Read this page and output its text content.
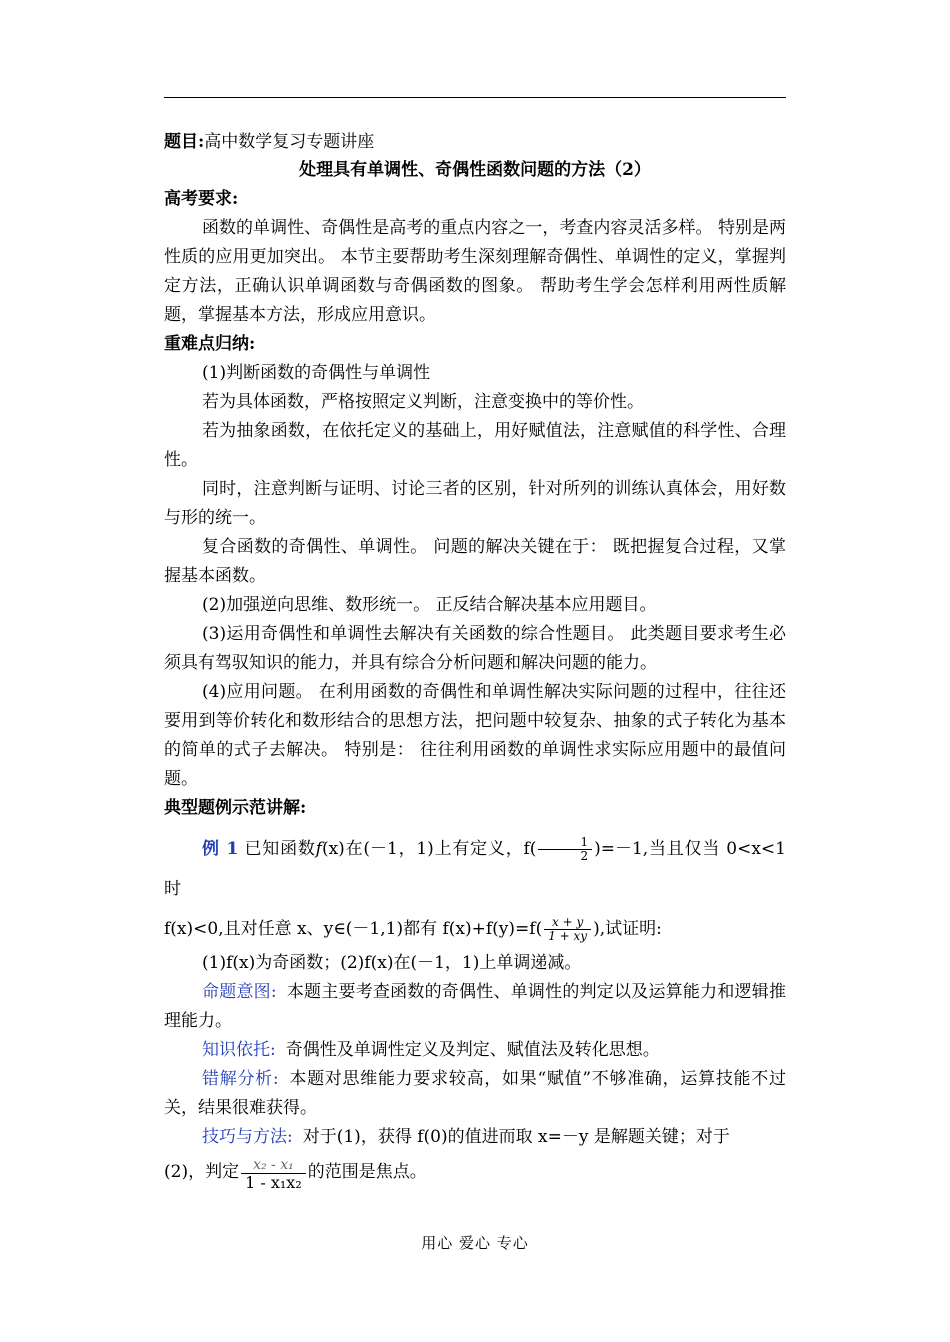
题目:高中数学复习专题讲座

处理具有单调性、奇偶性函数问题的方法（2）

高考要求:

函数的单调性、奇偶性是高考的重点内容之一，考查内容灵活多样。 特别是两性质的应用更加突出。 本节主要帮助考生深刻理解奇偶性、单调性的定义，掌握判定方法，正确认识单调函数与奇偶函数的图象。 帮助考生学会怎样利用两性质解题，掌握基本方法，形成应用意识。

重难点归纳:

(1)判断函数的奇偶性与单调性

若为具体函数，严格按照定义判断，注意变换中的等价性。

若为抽象函数，在依托定义的基础上，用好赋值法，注意赋值的科学性、合理性。

同时，注意判断与证明、讨论三者的区别，针对所列的训练认真体会，用好数与形的统一。

复合函数的奇偶性、单调性。 问题的解决关键在于： 既把握复合过程，又掌握基本函数。

(2)加强逆向思维、数形统一。 正反结合解决基本应用题目。

(3)运用奇偶性和单调性去解决有关函数的综合性题目。 此类题目要求考生必须具有驾驭知识的能力，并具有综合分析问题和解决问题的能力。

(4)应用问题。 在利用函数的奇偶性和单调性解决实际问题的过程中，往往还要用到等价转化和数形结合的思想方法，把问题中较复杂、抽象的式子转化为基本的简单的式子去解决。 特别是： 往往利用函数的单调性求实际应用题中的最值问题。

典型题例示范讲解:

例 1 已知函数f(x)在(－1，1)上有定义，$f( \frac{1}{2} )=-1$,当且仅当 0<x<1 时

f(x)<0,且对任意 x、y∈(－1,1)都有 $f(x)+f(y)=f( \frac{x + y}{1 + xy}$ ),试证明:

(1)f(x)为奇函数；(2)f(x)在(－1，1)上单调递减。

命题意图: 本题主要考查函数的奇偶性、单调性的判定以及运算能力和逻辑推理能力。

知识依托: 奇偶性及单调性定义及判定、赋值法及转化思想。

错解分析: 本题对思维能力要求较高，如果“赋值”不够准确，运算技能不过关，结果很难获得。

技巧与方法: 对于(1)，获得 f(0)的值进而取 x=－y 是解题关键；对于

(2)，判定 $\frac{\text{x₂ - x₁}}{\text{1 - x₁x₂}}$ 的范围是焦点。

用心 爱心 专心
